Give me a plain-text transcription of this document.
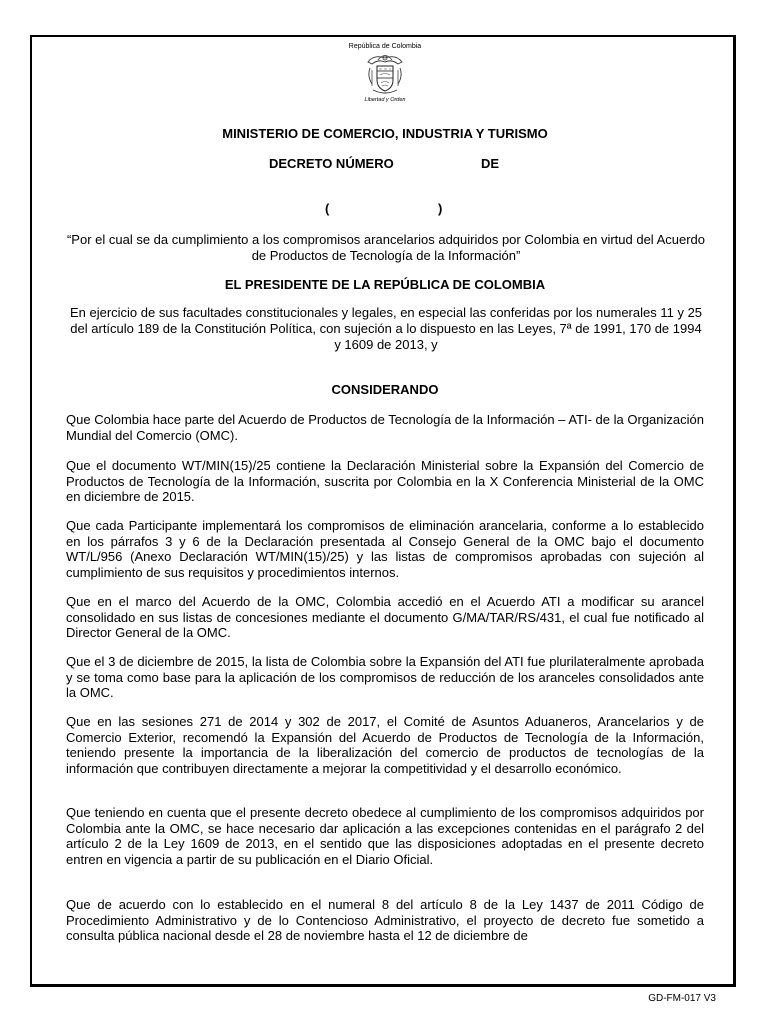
República de Colombia
Libertad y Orden
MINISTERIO DE COMERCIO, INDUSTRIA Y TURISMO
DECRETO NÚMERO	DE
(	)
“Por el cual se da cumplimiento a los compromisos arancelarios adquiridos por Colombia en virtud del Acuerdo de Productos de Tecnología de la Información”
EL PRESIDENTE DE LA REPÚBLICA DE COLOMBIA
En ejercicio de sus facultades constitucionales y legales, en especial las conferidas por los numerales 11 y 25 del artículo 189 de la Constitución Política, con sujeción a lo dispuesto en las Leyes, 7ª de 1991, 170 de 1994 y 1609 de 2013, y
CONSIDERANDO

Que Colombia hace parte del Acuerdo de Productos de Tecnología de la Información – ATI- de la Organización Mundial del Comercio (OMC).

Que el documento WT/MIN(15)/25 contiene la Declaración Ministerial sobre la Expansión del Comercio de Productos de Tecnología de la Información, suscrita por Colombia en la X Conferencia Ministerial de la OMC en diciembre de 2015.

Que cada Participante implementará los compromisos de eliminación arancelaria, conforme a lo establecido en los párrafos 3 y 6 de la Declaración presentada al Consejo General de la OMC bajo el documento WT/L/956 (Anexo Declaración WT/MIN(15)/25) y las listas de compromisos aprobadas con sujeción al cumplimiento de sus requisitos y procedimientos internos.

Que en el marco del Acuerdo de la OMC, Colombia accedió en el Acuerdo ATI a modificar su arancel consolidado en sus listas de concesiones mediante el documento G/MA/TAR/RS/431, el cual fue notificado al Director General de la OMC.

Que el 3 de diciembre de 2015, la lista de Colombia sobre la Expansión del ATI fue plurilateralmente aprobada y se toma como base para la aplicación de los compromisos de reducción de los aranceles consolidados ante la OMC.

Que en las sesiones 271 de 2014 y 302 de 2017, el Comité de Asuntos Aduaneros, Arancelarios y de Comercio Exterior, recomendó la Expansión del Acuerdo de Productos de Tecnología de la Información, teniendo presente la importancia de la liberalización del comercio de productos de tecnologías de la información que contribuyen directamente a mejorar la competitividad y el desarrollo económico.

Que teniendo en cuenta que el presente decreto obedece al cumplimiento de los compromisos adquiridos por Colombia ante la OMC, se hace necesario dar aplicación a las excepciones contenidas en el parágrafo 2 del artículo 2 de la Ley 1609 de 2013, en el sentido que las disposiciones adoptadas en el presente decreto entren en vigencia a partir de su publicación en el Diario Oficial.

Que de acuerdo con lo establecido en el numeral 8 del artículo 8 de la Ley 1437 de 2011 Código de Procedimiento Administrativo y de lo Contencioso Administrativo, el proyecto de decreto fue sometido a consulta pública nacional desde el 28 de noviembre hasta el 12 de diciembre de

GD-FM-017 V3
